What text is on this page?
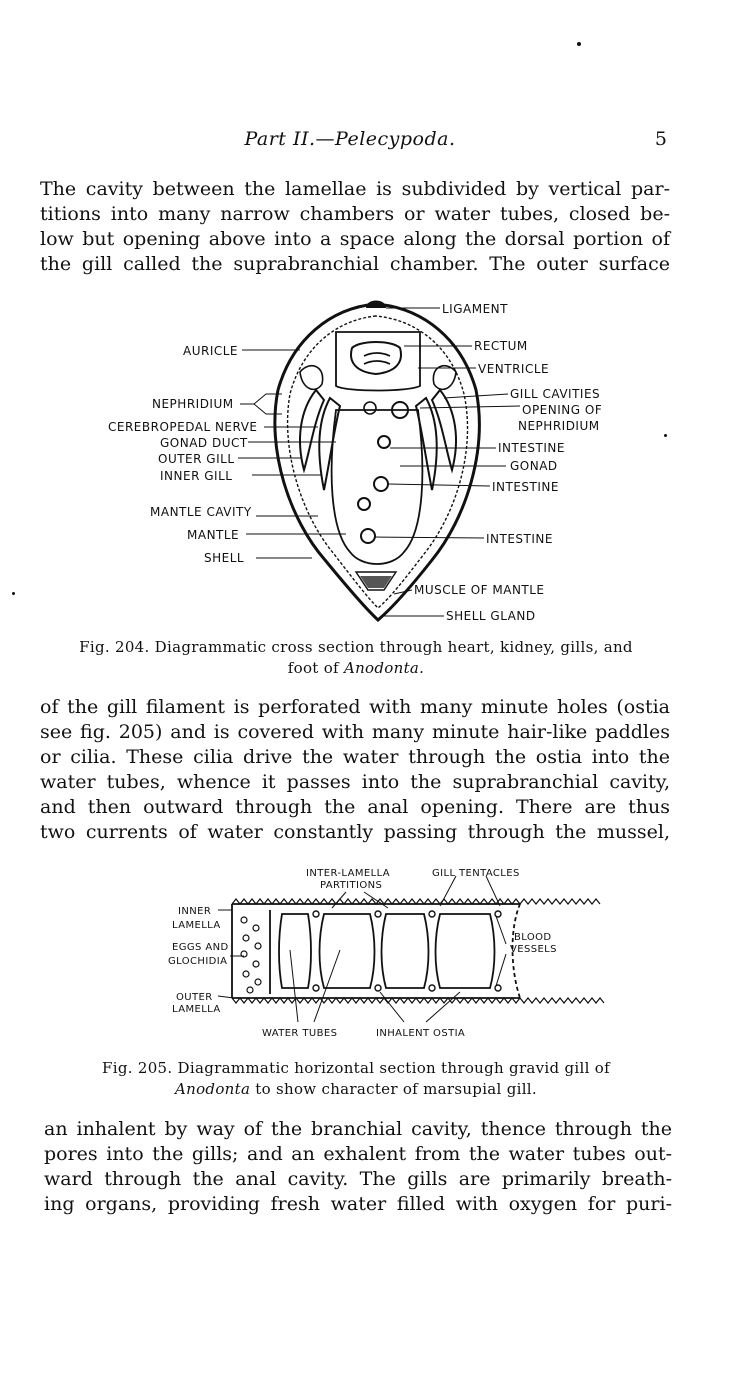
Part II.—Pelecypoda.	5
The cavity between the lamellae is subdivided by vertical par-
titions into many narrow chambers or water tubes, closed be-
low but opening above into a space along the dorsal portion of
the gill called the suprabranchial chamber. The outer surface
LIGAMENT
RECTUM
AURICLE
VENTRICLE
GILL CAVITIES
OPENING OF
NEPHRIDIUM
NEPHRIDIUM
CEREBROPEDAL NERVE
GONAD DUCT
OUTER GILL
INNER GILL
INTESTINE
GONAD
INTESTINE
MANTLE CAVITY
MANTLE
SHELL
INTESTINE
MUSCLE OF MANTLE
SHELL GLAND
Fig. 204. Diagrammatic cross section through heart, kidney, gills, and
foot of Anodonta.
of the gill filament is perforated with many minute holes (ostia
see fig. 205) and is covered with many minute hair-like paddles
or cilia. These cilia drive the water through the ostia into the
water tubes, whence it passes into the suprabranchial cavity,
and then outward through the anal opening. There are thus
two currents of water constantly passing through the mussel,
INTER-LAMELLA
PARTITIONS
GILL TENTACLES
INNER
LAMELLA
EGGS AND
GLOCHIDIA
BLOOD
VESSELS
OUTER
LAMELLA
WATER TUBES	INHALENT OSTIA
Fig. 205. Diagrammatic horizontal section through gravid gill of
Anodonta to show character of marsupial gill.
an inhalent by way of the branchial cavity, thence through the
pores into the gills; and an exhalent from the water tubes out-
ward through the anal cavity. The gills are primarily breath-
ing organs, providing fresh water filled with oxygen for puri-
